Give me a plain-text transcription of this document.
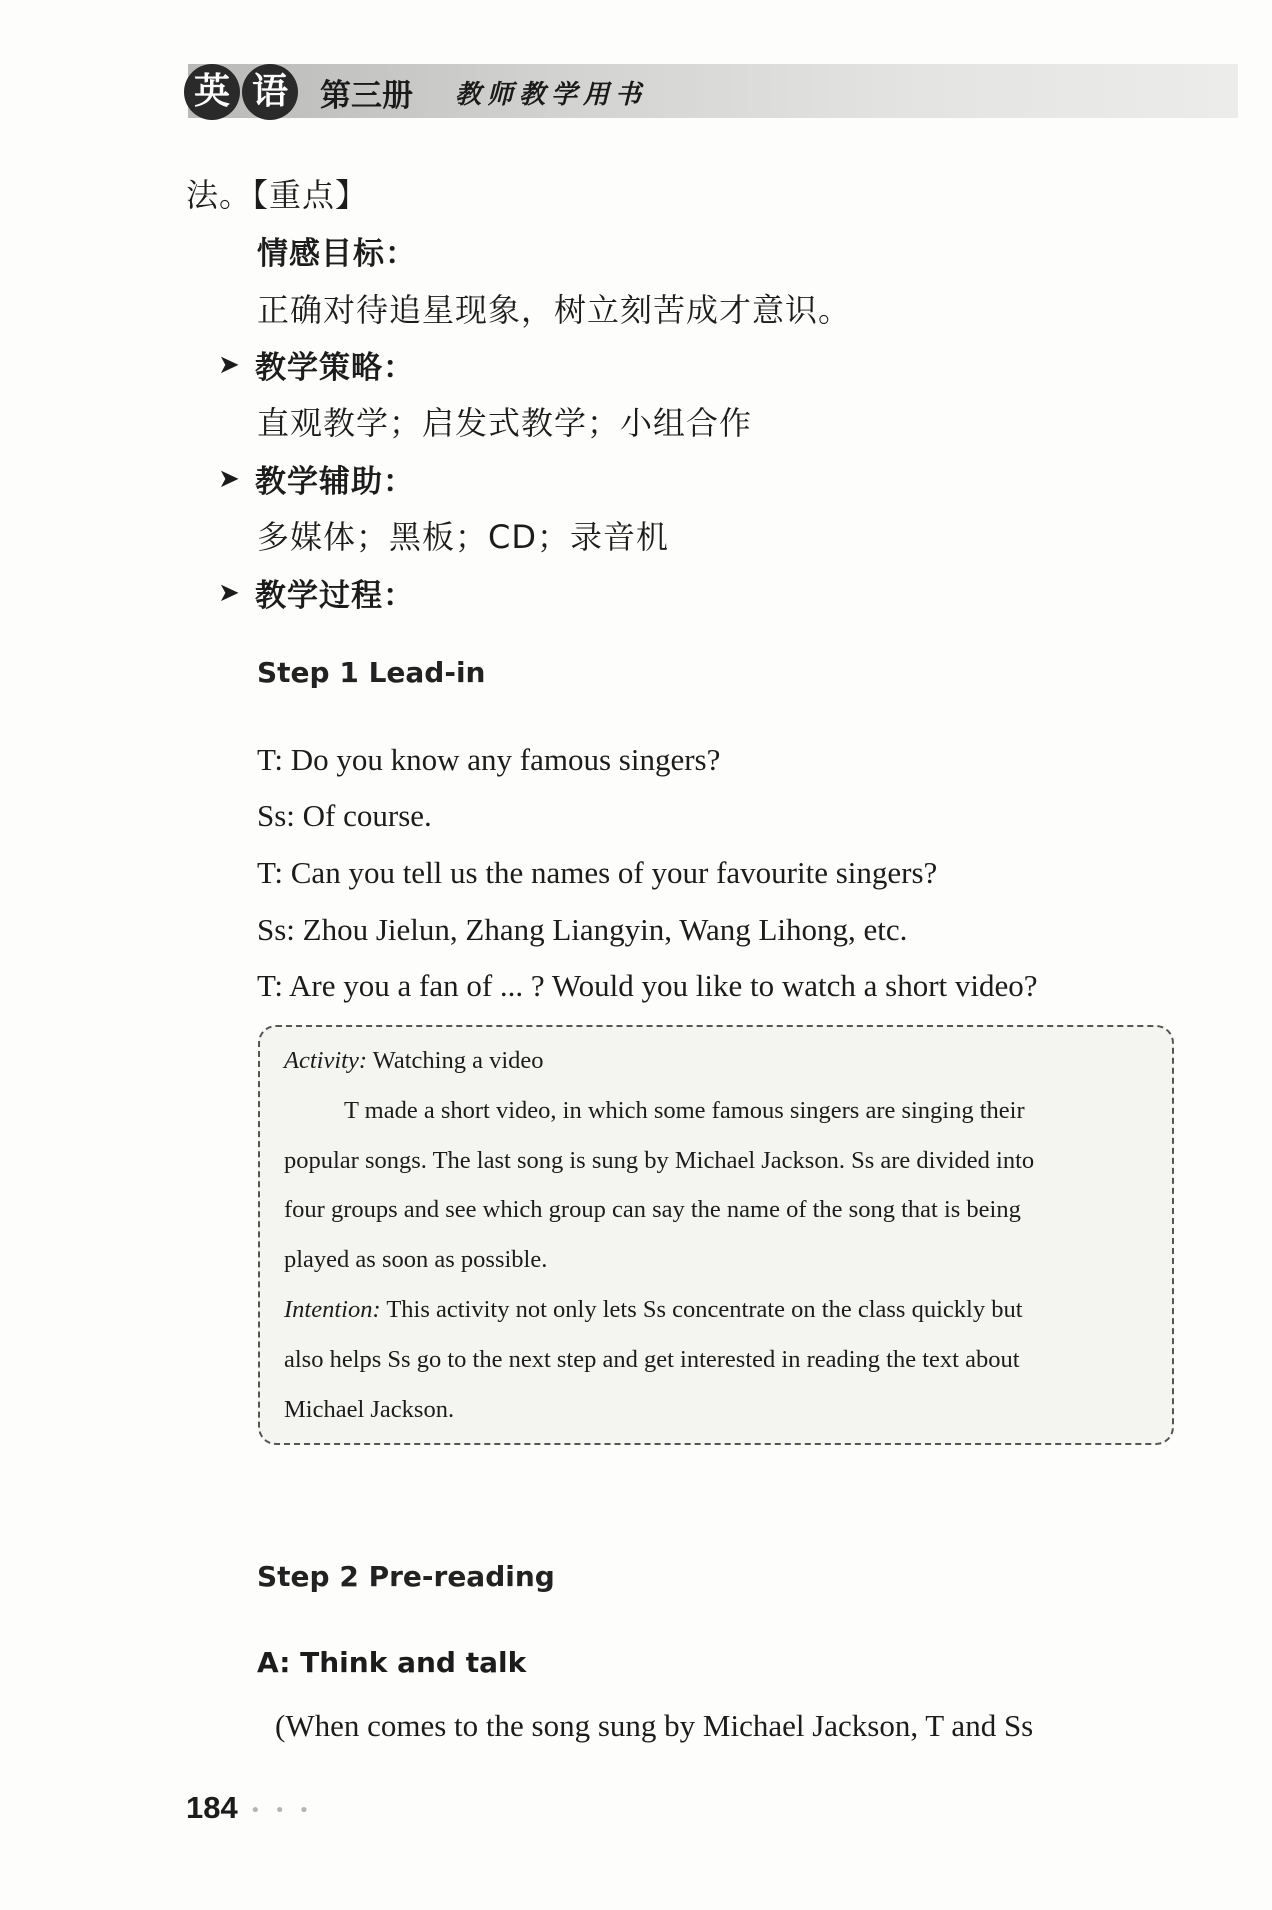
英 语	第三册 教师教学用书
法。【重点】
情感目标：
正确对待追星现象，树立刻苦成才意识。
➤ 教学策略：
直观教学；启发式教学；小组合作
➤ 教学辅助：
多媒体；黑板；CD；录音机
➤ 教学过程：
Step 1 Lead-in
T: Do you know any famous singers?
Ss: Of course.
T: Can you tell us the names of your favourite singers?
Ss: Zhou Jielun, Zhang Liangyin, Wang Lihong, etc.
T: Are you a fan of ... ? Would you like to watch a short video?
Activity: Watching a video
T made a short video, in which some famous singers are singing their
popular songs. The last song is sung by Michael Jackson. Ss are divided into
four groups and see which group can say the name of the song that is being
played as soon as possible.
Intention: This activity not only lets Ss concentrate on the class quickly but
also helps Ss go to the next step and get interested in reading the text about
Michael Jackson.
Step 2 Pre-reading
A: Think and talk
(When comes to the song sung by Michael Jackson, T and Ss
184 • • •
